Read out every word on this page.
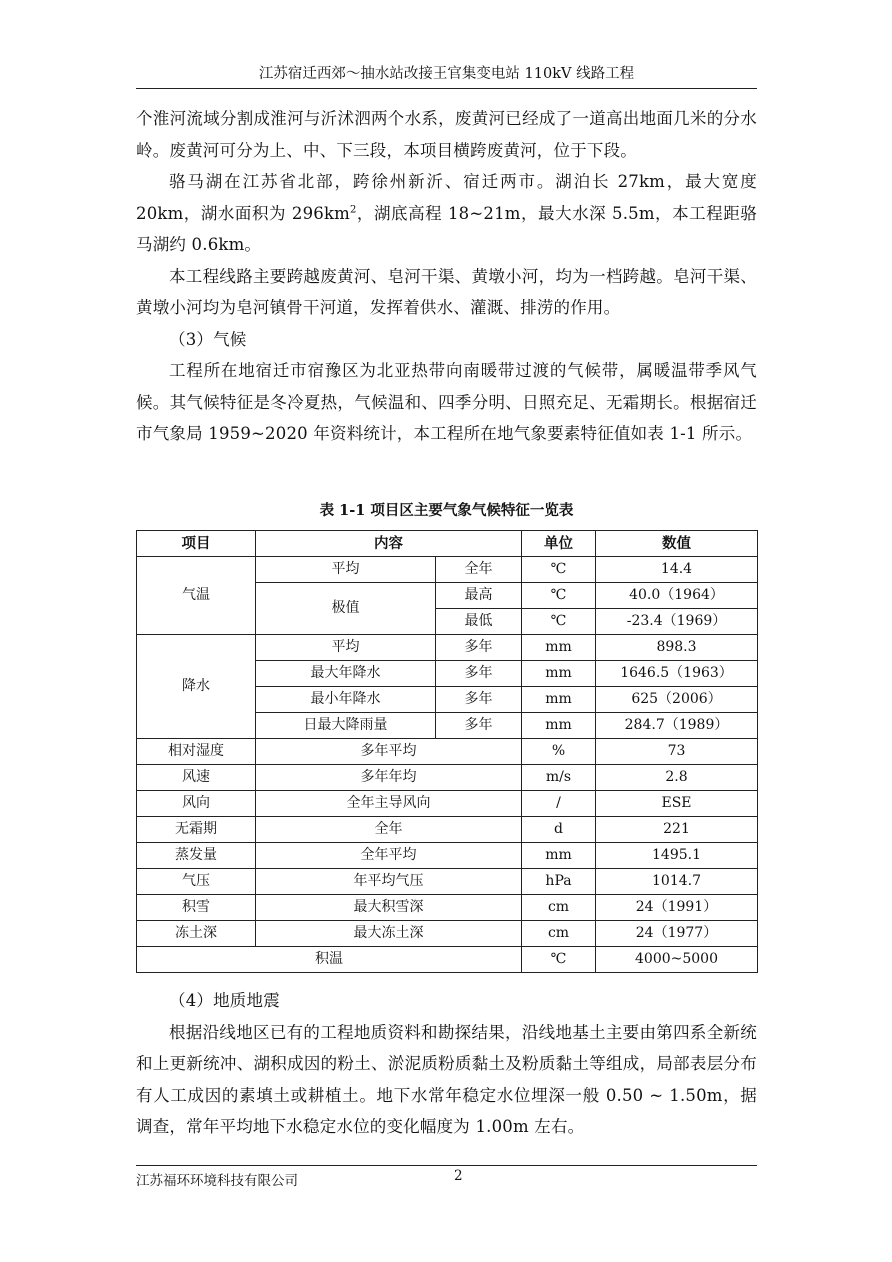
江苏宿迁西郊～抽水站改接王官集变电站 110kV 线路工程

个淮河流域分割成淮河与沂沭泗两个水系，废黄河已经成了一道高出地面几米的分水岭。废黄河可分为上、中、下三段，本项目横跨废黄河，位于下段。

骆马湖在江苏省北部，跨徐州新沂、宿迁两市。湖泊长 27km，最大宽度 20km，湖水面积为 $296km^2$，湖底高程 18~21m，最大水深 5.5m，本工程距骆马湖约 0.6km。

本工程线路主要跨越废黄河、皂河干渠、黄墩小河，均为一档跨越。皂河干渠、黄墩小河均为皂河镇骨干河道，发挥着供水、灌溉、排涝的作用。

（3）气候

工程所在地宿迁市宿豫区为北亚热带向南暖带过渡的气候带，属暖温带季风气候。其气候特征是冬冷夏热，气候温和、四季分明、日照充足、无霜期长。根据宿迁市气象局 1959~2020 年资料统计，本工程所在地气象要素特征值如表 1-1 所示。

表 1-1 项目区主要气象气候特征一览表
项目	内容		单位	数值
气温	平均	全年	℃	14.4
	极值	最高	℃	40.0（1964）
		最低	℃	-23.4（1969）
降水	平均	多年	mm	898.3
	最大年降水	多年	mm	1646.5（1963）
	最小年降水	多年	mm	625（2006）
	日最大降雨量	多年	mm	284.7（1989）
相对湿度	多年平均		%	73
风速	多年年均		m/s	2.8
风向	全年主导风向		/	ESE
无霜期	全年		d	221
蒸发量	全年平均		mm	1495.1
气压	年平均气压		hPa	1014.7
积雪	最大积雪深		cm	24（1991）
冻土深	最大冻土深		cm	24（1977）
积温			℃	4000~5000

（4）地质地震

根据沿线地区已有的工程地质资料和勘探结果，沿线地基土主要由第四系全新统和上更新统冲、湖积成因的粉土、淤泥质粉质黏土及粉质黏土等组成，局部表层分布有人工成因的素填土或耕植土。地下水常年稳定水位埋深一般 0.50 ~ 1.50m，据调查，常年平均地下水稳定水位的变化幅度为 1.00m 左右。

江苏福环环境科技有限公司	2
